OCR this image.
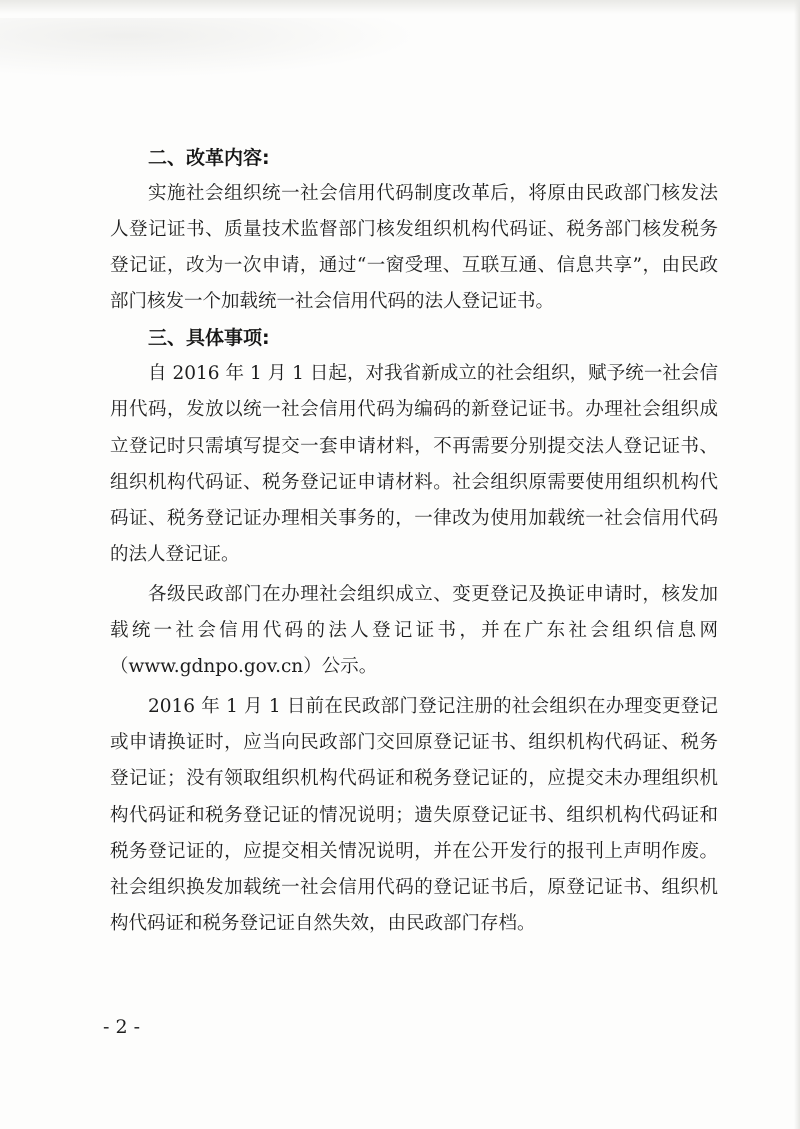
二、改革内容:

实施社会组织统一社会信用代码制度改革后，将原由民政部门核发法人登记证书、质量技术监督部门核发组织机构代码证、税务部门核发税务登记证，改为一次申请，通过“一窗受理、互联互通、信息共享”，由民政部门核发一个加载统一社会信用代码的法人登记证书。

三、具体事项:

自 2016 年 1 月 1 日起，对我省新成立的社会组织，赋予统一社会信用代码，发放以统一社会信用代码为编码的新登记证书。办理社会组织成立登记时只需填写提交一套申请材料，不再需要分别提交法人登记证书、组织机构代码证、税务登记证申请材料。社会组织原需要使用组织机构代码证、税务登记证办理相关事务的，一律改为使用加载统一社会信用代码的法人登记证。

各级民政部门在办理社会组织成立、变更登记及换证申请时，核发加载统一社会信用代码的法人登记证书，并在广东社会组织信息网（www.gdnpo.gov.cn）公示。

2016 年 1 月 1 日前在民政部门登记注册的社会组织在办理变更登记或申请换证时，应当向民政部门交回原登记证书、组织机构代码证、税务登记证；没有领取组织机构代码证和税务登记证的，应提交未办理组织机构代码证和税务登记证的情况说明；遗失原登记证书、组织机构代码证和税务登记证的，应提交相关情况说明，并在公开发行的报刊上声明作废。社会组织换发加载统一社会信用代码的登记证书后，原登记证书、组织机构代码证和税务登记证自然失效，由民政部门存档。

- 2 -
